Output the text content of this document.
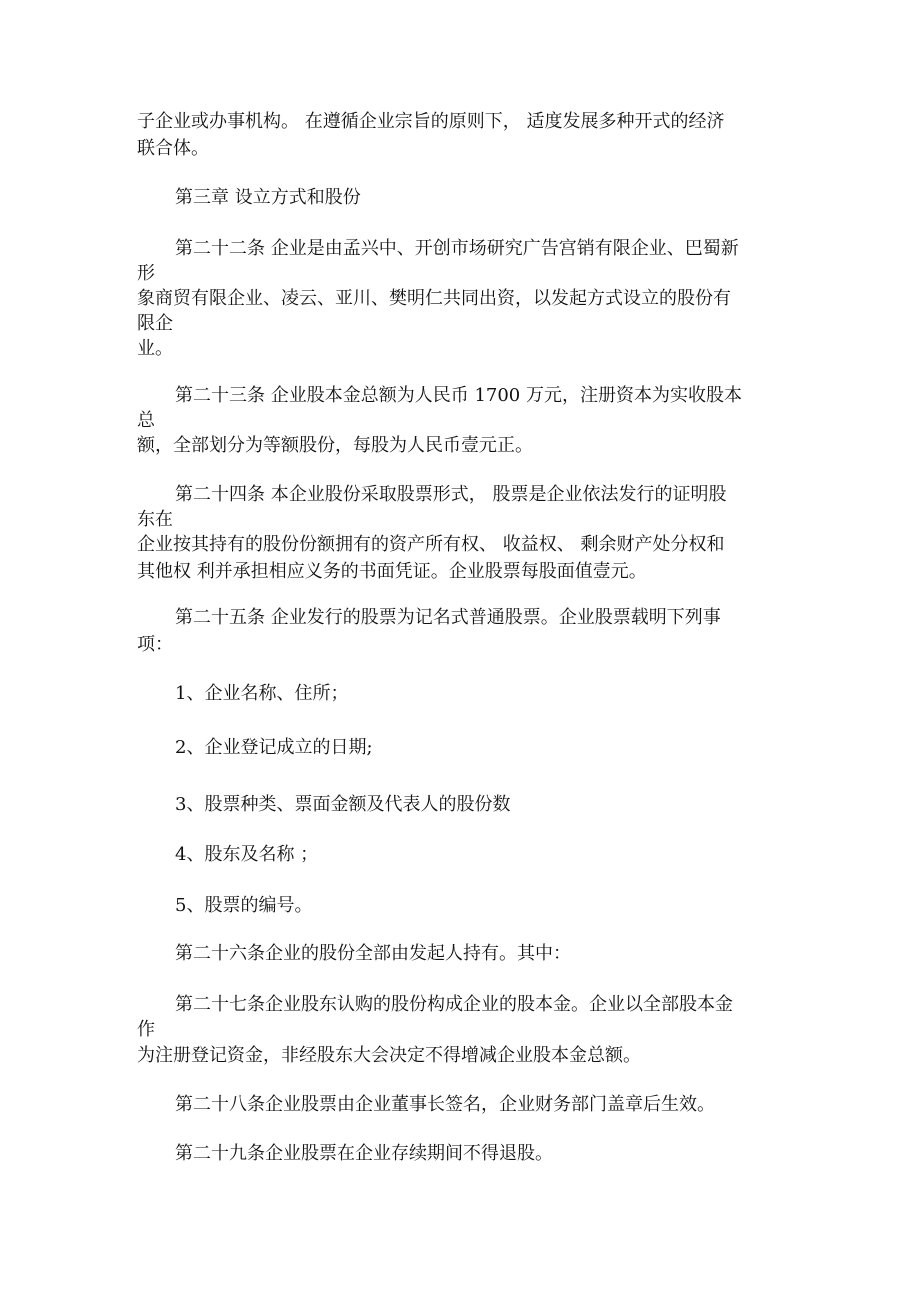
子企业或办事机构。 在遵循企业宗旨的原则下， 适度发展多种开式的经济

联合体。

第三章 设立方式和股份

第二十二条 企业是由孟兴中、开创市场研究广告宫销有限企业、巴蜀新

形

象商贸有限企业、凌云、亚川、樊明仁共同出资，以发起方式设立的股份有

限企

业。

第二十三条 企业股本金总额为人民币 1700 万元，注册资本为实收股本

总

额，全部划分为等额股份，每股为人民币壹元正。

第二十四条 本企业股份采取股票形式， 股票是企业依法发行的证明股

东在

企业按其持有的股份份额拥有的资产所有权、 收益权、 剩余财产处分权和

其他权 利并承担相应义务的书面凭证。企业股票每股面值壹元。

第二十五条 企业发行的股票为记名式普通股票。企业股票载明下列事

项：

1、企业名称、住所；

2、企业登记成立的日期;

3、股票种类、票面金额及代表人的股份数

4、股东及名称 ；

5、股票的编号。

第二十六条企业的股份全部由发起人持有。其中：

第二十七条企业股东认购的股份构成企业的股本金。企业以全部股本金

作

为注册登记资金，非经股东大会决定不得增减企业股本金总额。

第二十八条企业股票由企业董事长签名，企业财务部门盖章后生效。

第二十九条企业股票在企业存续期间不得退股。
